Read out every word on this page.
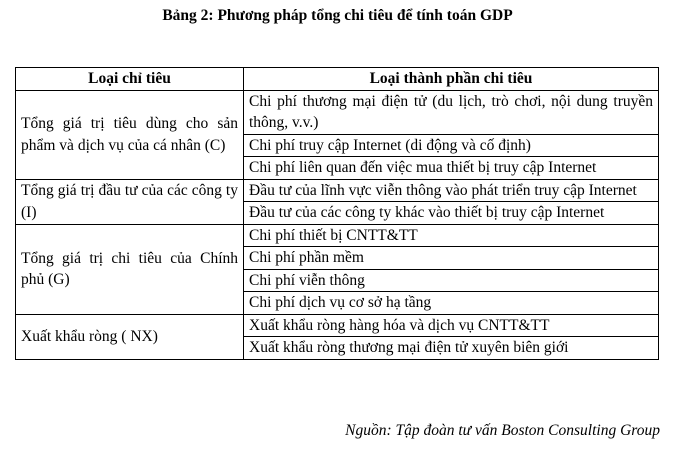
Bảng 2: Phương pháp tổng chi tiêu để tính toán GDP
Loại chỉ tiêu	Loại thành phần chi tiêu
Tổng giá trị tiêu dùng cho sản phẩm và dịch vụ của cá nhân (C)	Chi phí thương mại điện tử (du lịch, trò chơi, nội dung truyền thông, v.v.)
	Chi phí truy cập Internet (di động và cố định)
	Chi phí liên quan đến việc mua thiết bị truy cập Internet
Tổng giá trị đầu tư của các công ty (I)	Đầu tư của lĩnh vực viễn thông vào phát triển truy cập Internet
	Đầu tư của các công ty khác vào thiết bị truy cập Internet
Tổng giá trị chi tiêu của Chính phủ (G)	Chi phí thiết bị CNTT&TT
	Chi phí phần mềm
	Chi phí viễn thông
	Chi phí dịch vụ cơ sở hạ tầng
Xuất khẩu ròng ( NX)	Xuất khẩu ròng hàng hóa và dịch vụ CNTT&TT
	Xuất khẩu ròng thương mại điện tử xuyên biên giới
Nguồn: Tập đoàn tư vấn Boston Consulting Group
